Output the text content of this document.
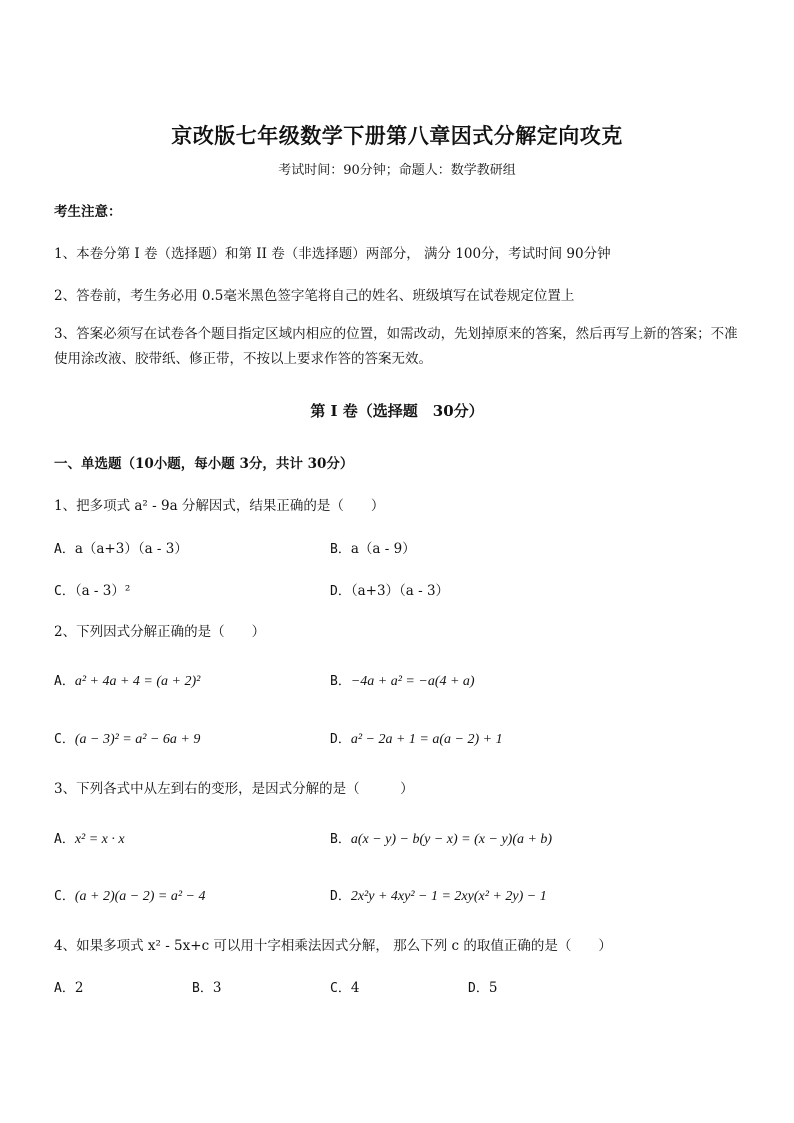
京改版七年级数学下册第八章因式分解定向攻克
考试时间：90分钟；命题人：数学教研组
考生注意：
1、本卷分第 I 卷（选择题）和第 II 卷（非选择题）两部分， 满分 100分，考试时间 90分钟
2、答卷前，考生务必用 0.5毫米黑色签字笔将自己的姓名、班级填写在试卷规定位置上
3、答案必须写在试卷各个题目指定区域内相应的位置，如需改动，先划掉原来的答案，然后再写上新的答案；不准使用涂改液、胶带纸、修正带，不按以上要求作答的答案无效。
第 I 卷（选择题　30分）
一、单选题（10小题，每小题 3分，共计 30分）
1、把多项式 a² - 9a 分解因式，结果正确的是（　　）
A．a（a+3）（a - 3）	B．a（a - 9）
C．（a - 3）²	D．（a+3）（a - 3）
2、下列因式分解正确的是（　　）
A．a² + 4a + 4 = (a + 2)²	B．−4a + a² = −a(4 + a)
C．(a − 3)² = a² − 6a + 9	D．a² − 2a + 1 = a(a − 2) + 1
3、下列各式中从左到右的变形，是因式分解的是（　　　）
A．x² = x · x	B．a(x − y) − b(y − x) = (x − y)(a + b)
C．(a + 2)(a − 2) = a² − 4	D．2x²y + 4xy² − 1 = 2xy(x² + 2y) − 1
4、如果多项式 x² - 5x+c 可以用十字相乘法因式分解， 那么下列 c 的取值正确的是（　　）
A．2	B．3	C．4	D．5
